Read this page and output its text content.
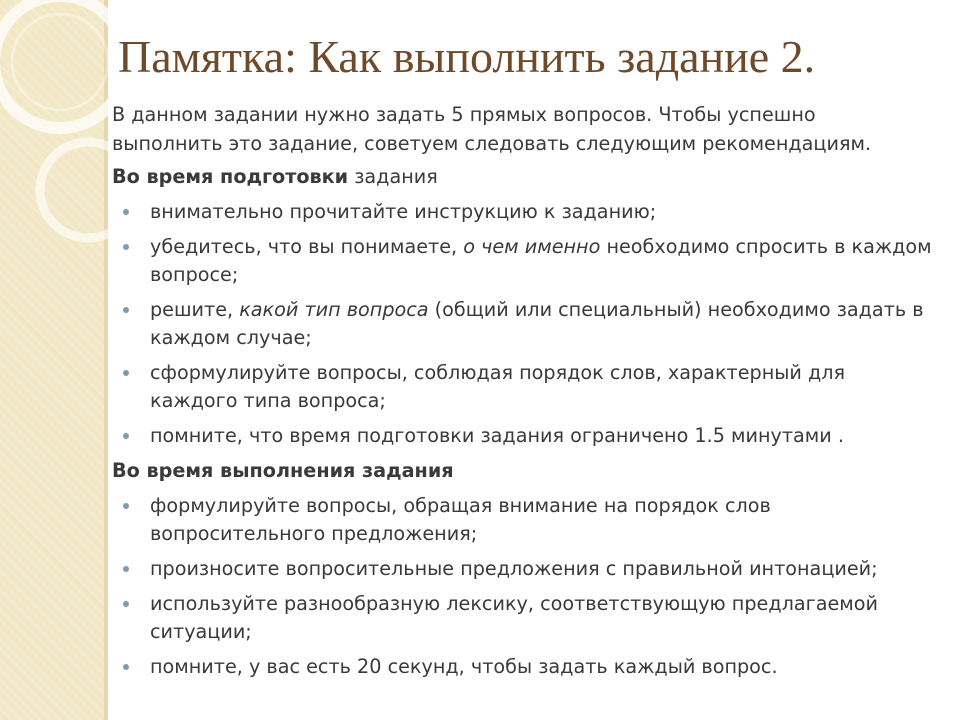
Памятка: Как выполнить задание 2.

В данном задании нужно задать 5 прямых вопросов. Чтобы успешно выполнить это задание, советуем следовать следующим рекомендациям.

Во время подготовки задания

внимательно прочитайте инструкцию к заданию;
убедитесь, что вы понимаете, о чем именно необходимо спросить в каждом вопросе;
решите, какой тип вопроса (общий или специальный) необходимо задать в каждом случае;
сформулируйте вопросы, соблюдая порядок слов, характерный для каждого типа вопроса;
помните, что время подготовки задания ограничено 1.5 минутами .

Во время выполнения задания

формулируйте вопросы, обращая внимание на порядок слов вопросительного предложения;
произносите вопросительные предложения с правильной интонацией;
используйте разнообразную лексику, соответствующую предлагаемой ситуации;
помните, у вас есть 20 секунд, чтобы задать каждый вопрос.
